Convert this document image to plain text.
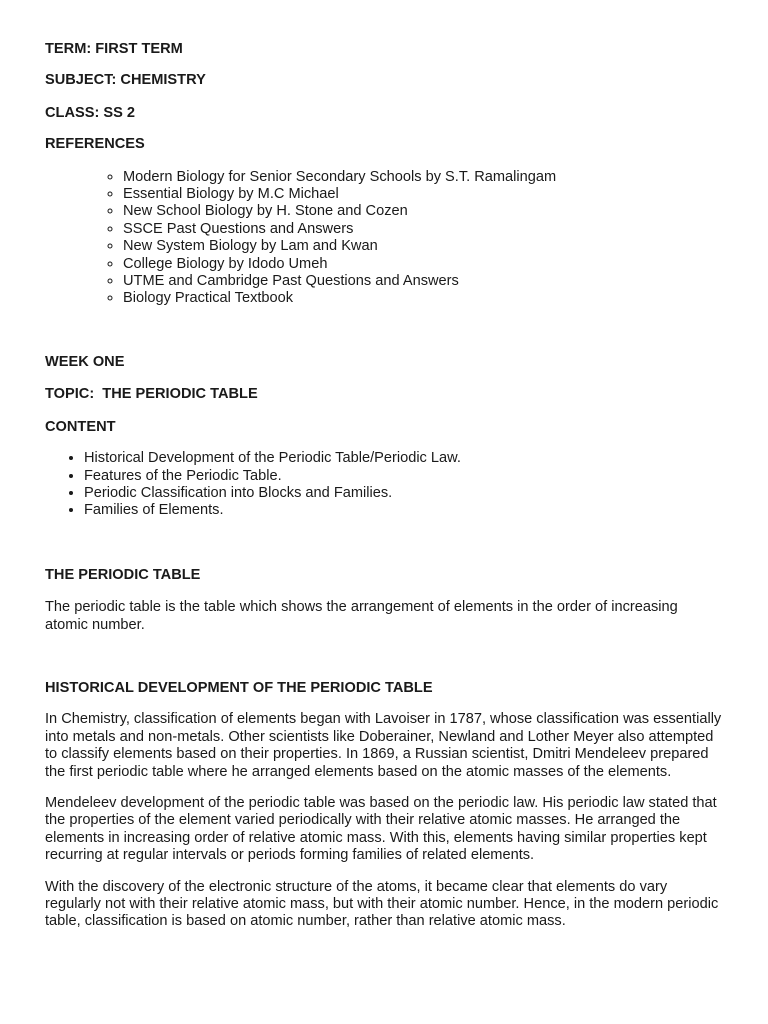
TERM: FIRST TERM
SUBJECT: CHEMISTRY
CLASS: SS 2
REFERENCES
◦ Modern Biology for Senior Secondary Schools by S.T. Ramalingam
◦ Essential Biology by M.C Michael
◦ New School Biology by H. Stone and Cozen
◦ SSCE Past Questions and Answers
◦ New System Biology by Lam and Kwan
◦ College Biology by Idodo Umeh
◦ UTME and Cambridge Past Questions and Answers
◦ Biology Practical Textbook
WEEK ONE
TOPIC:  THE PERIODIC TABLE
CONTENT
• Historical Development of the Periodic Table/Periodic Law.
• Features of the Periodic Table.
• Periodic Classification into Blocks and Families.
• Families of Elements.
THE PERIODIC TABLE

The periodic table is the table which shows the arrangement of elements in the order of increasing atomic number.

HISTORICAL DEVELOPMENT OF THE PERIODIC TABLE

In Chemistry, classification of elements began with Lavoiser in 1787, whose classification was essentially into metals and non-metals. Other scientists like Doberainer, Newland and Lother Meyer also attempted to classify elements based on their properties. In 1869, a Russian scientist, Dmitri Mendeleev prepared the first periodic table where he arranged elements based on the atomic masses of the elements.

Mendeleev development of the periodic table was based on the periodic law. His periodic law stated that the properties of the element varied periodically with their relative atomic masses. He arranged the elements in increasing order of relative atomic mass. With this, elements having similar properties kept recurring at regular intervals or periods forming families of related elements.

With the discovery of the electronic structure of the atoms, it became clear that elements do vary regularly not with their relative atomic mass, but with their atomic number. Hence, in the modern periodic table, classification is based on atomic number, rather than relative atomic mass.
